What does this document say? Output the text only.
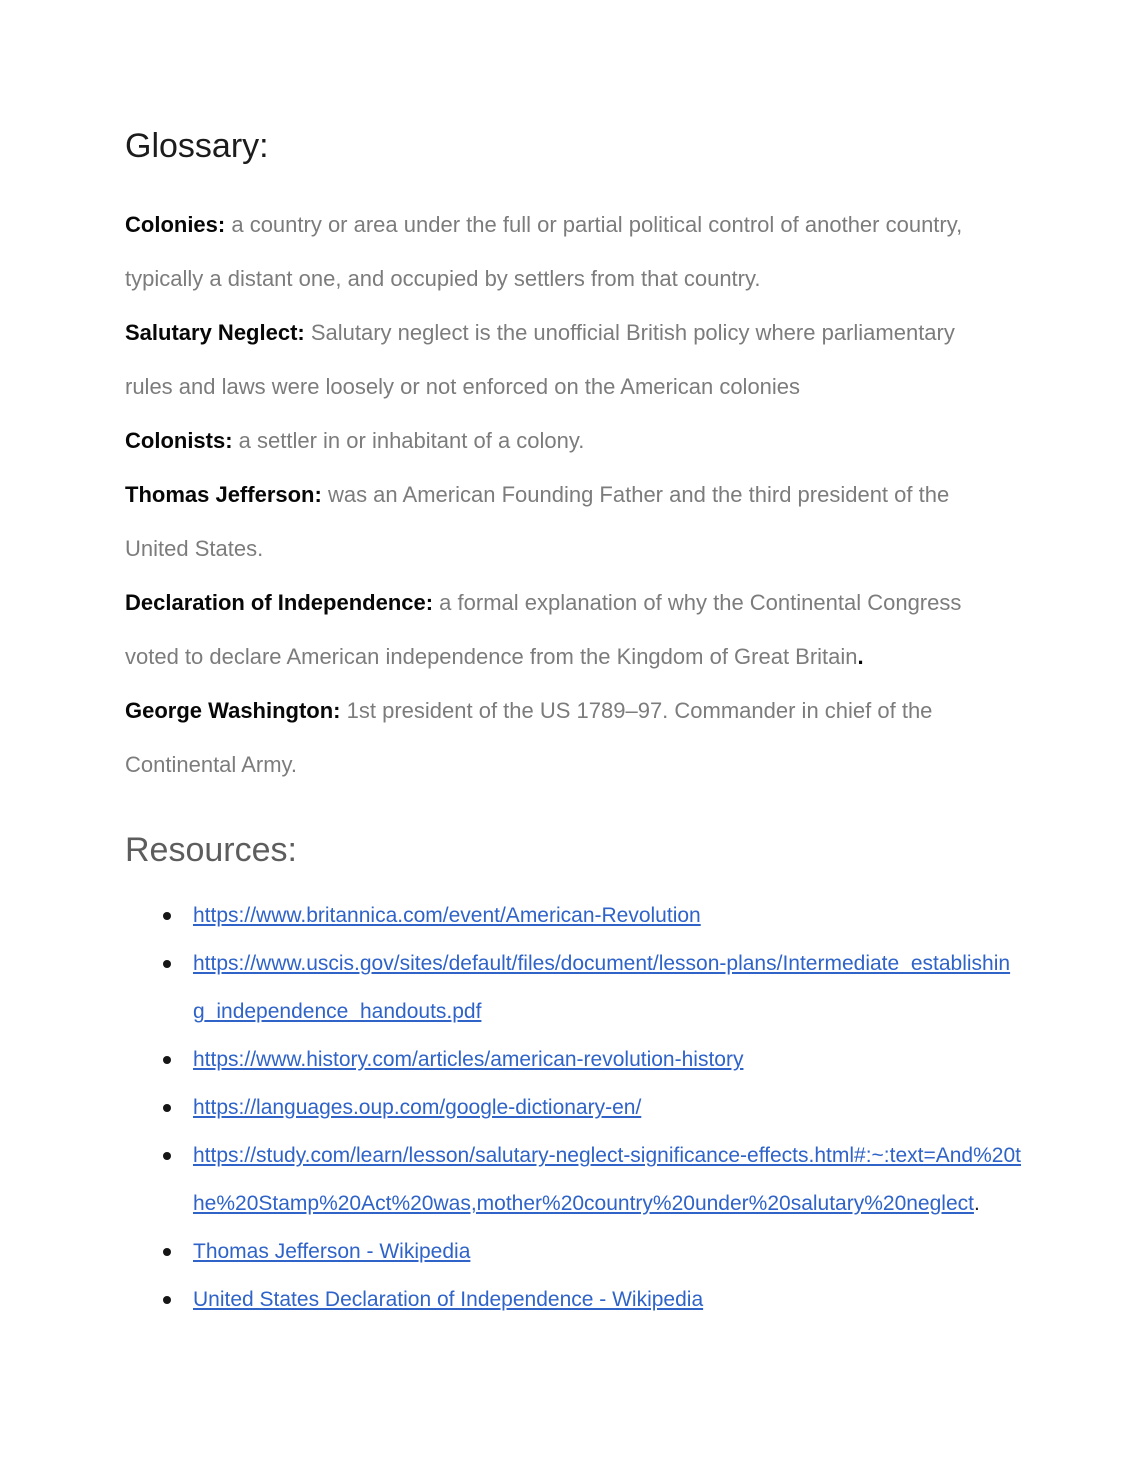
Glossary:

Colonies: a country or area under the full or partial political control of another country, typically a distant one, and occupied by settlers from that country.

Salutary Neglect: Salutary neglect is the unofficial British policy where parliamentary rules and laws were loosely or not enforced on the American colonies

Colonists: a settler in or inhabitant of a colony.

Thomas Jefferson: was an American Founding Father and the third president of the United States.

Declaration of Independence: a formal explanation of why the Continental Congress voted to declare American independence from the Kingdom of Great Britain.

George Washington: 1st president of the US 1789–97. Commander in chief of the Continental Army.

Resources:
https://www.britannica.com/event/American-Revolution
https://www.uscis.gov/sites/default/files/document/lesson-plans/Intermediate_establishing_independence_handouts.pdf
https://www.history.com/articles/american-revolution-history
https://languages.oup.com/google-dictionary-en/
https://study.com/learn/lesson/salutary-neglect-significance-effects.html#:~:text=And%20the%20Stamp%20Act%20was,mother%20country%20under%20salutary%20neglect.
Thomas Jefferson - Wikipedia
United States Declaration of Independence - Wikipedia
